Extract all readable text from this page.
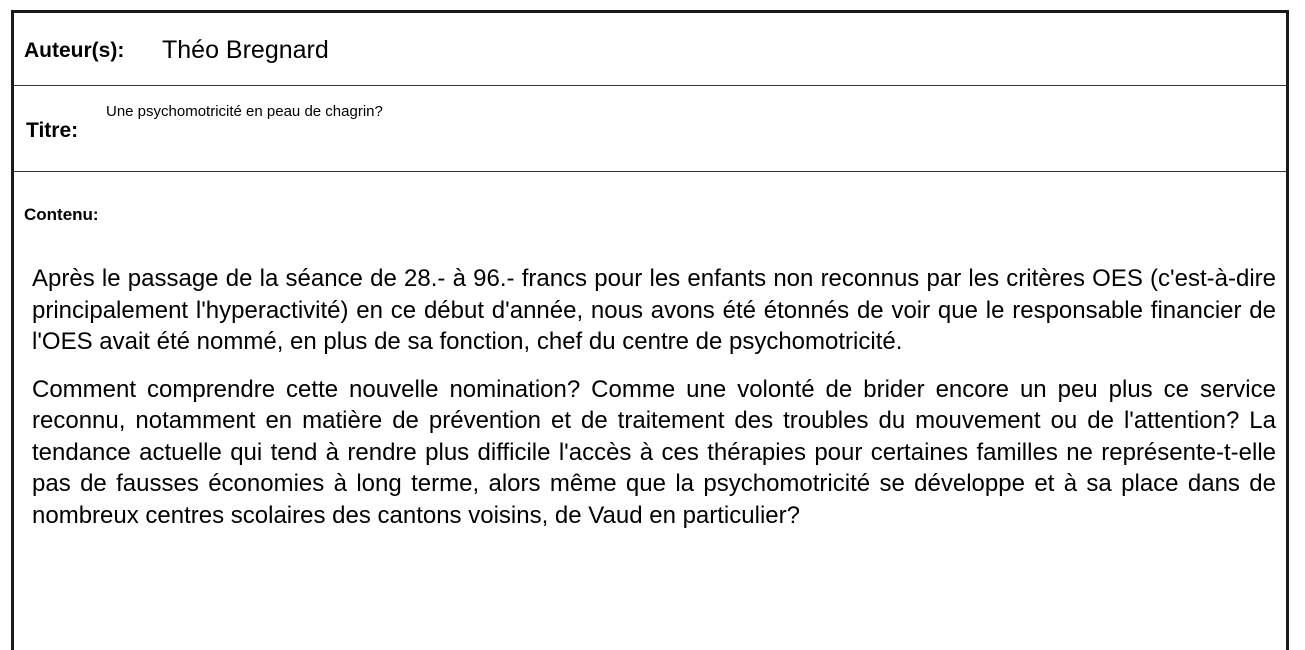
Auteur(s): Théo Bregnard
Titre:
Une psychomotricité en peau de chagrin?
Contenu:

Après le passage de la séance de 28.- à 96.- francs pour les enfants non reconnus par les critères OES (c'est-à-dire principalement l'hyperactivité) en ce début d'année, nous avons été étonnés de voir que le responsable financier de l'OES avait été nommé, en plus de sa fonction, chef du centre de psychomotricité.

Comment comprendre cette nouvelle nomination? Comme une volonté de brider encore un peu plus ce service reconnu, notamment en matière de prévention et de traitement des troubles du mouvement ou de l'attention? La tendance actuelle qui tend à rendre plus difficile l'accès à ces thérapies pour certaines familles ne représente-t-elle pas de fausses économies à long terme, alors même que la psychomotricité se développe et à sa place dans de nombreux centres scolaires des cantons voisins, de Vaud en particulier?
